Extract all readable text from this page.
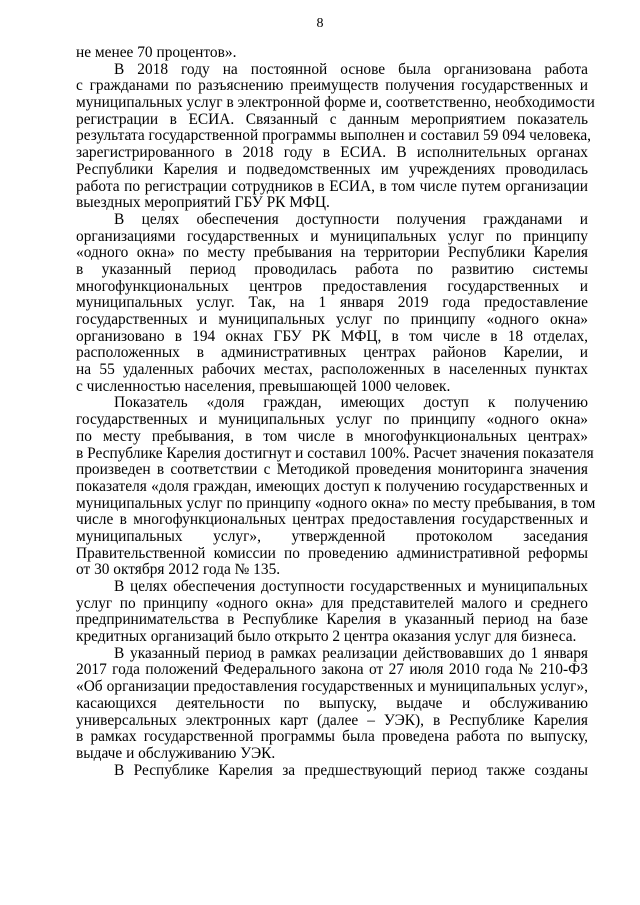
8
не менее 70 процентов».
В 2018 году на постоянной основе была организована работа
с гражданами по разъяснению преимуществ получения государственных и
муниципальных услуг в электронной форме и, соответственно, необходимости
регистрации в ЕСИА. Связанный с данным мероприятием показатель
результата государственной программы выполнен и составил 59 094 человека,
зарегистрированного в 2018 году в ЕСИА. В исполнительных органах
Республики Карелия и подведомственных им учреждениях проводилась
работа по регистрации сотрудников в ЕСИА, в том числе путем организации
выездных мероприятий ГБУ РК МФЦ.
В целях обеспечения доступности получения гражданами и
организациями государственных и муниципальных услуг по принципу
«одного окна» по месту пребывания на территории Республики Карелия
в указанный период проводилась работа по развитию системы
многофункциональных центров предоставления государственных и
муниципальных услуг. Так, на 1 января 2019 года предоставление
государственных и муниципальных услуг по принципу «одного окна»
организовано в 194 окнах ГБУ РК МФЦ, в том числе в 18 отделах,
расположенных в административных центрах районов Карелии, и
на 55 удаленных рабочих местах, расположенных в населенных пунктах
с численностью населения, превышающей 1000 человек.
Показатель «доля граждан, имеющих доступ к получению
государственных и муниципальных услуг по принципу «одного окна»
по месту пребывания, в том числе в многофункциональных центрах»
в Республике Карелия достигнут и составил 100%. Расчет значения показателя
произведен в соответствии с Методикой проведения мониторинга значения
показателя «доля граждан, имеющих доступ к получению государственных и
муниципальных услуг по принципу «одного окна» по месту пребывания, в том
числе в многофункциональных центрах предоставления государственных и
муниципальных услуг», утвержденной протоколом заседания
Правительственной комиссии по проведению административной реформы
от 30 октября 2012 года № 135.
В целях обеспечения доступности государственных и муниципальных
услуг по принципу «одного окна» для представителей малого и среднего
предпринимательства в Республике Карелия в указанный период на базе
кредитных организаций было открыто 2 центра оказания услуг для бизнеса.
В указанный период в рамках реализации действовавших до 1 января
2017 года положений Федерального закона от 27 июля 2010 года № 210-ФЗ
«Об организации предоставления государственных и муниципальных услуг»,
касающихся деятельности по выпуску, выдаче и обслуживанию
универсальных электронных карт (далее – УЭК), в Республике Карелия
в рамках государственной программы была проведена работа по выпуску,
выдаче и обслуживанию УЭК.
В Республике Карелия за предшествующий период также созданы
